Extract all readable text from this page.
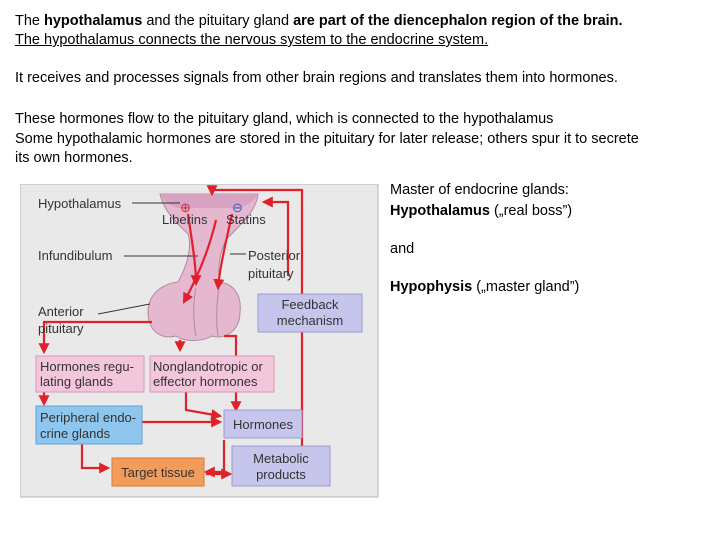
The hypothalamus and the pituitary gland are part of the diencephalon region of the brain.

The hypothalamus connects the nervous system to the endocrine system.

It receives and processes signals from other brain regions and translates them into hormones.

These hormones flow to the pituitary gland, which is connected to the hypothalamus

Some hypothalamic hormones are stored in the pituitary for later release; others spur it to secrete

its own hormones.

⊕	⊖
Hypothalamus
Liberins Statins
Infundibulum	Posterior
pituitary
Anterior
pituitary
Feedback
mechanism
Hormones regu-
lating glands
Nonglandotropic or
effector hormones
Peripheral endo-
crine glands
Hormones
Target tissue
Metabolic
products
Master of endocrine glands:
Hypothalamus („real boss”)
and
Hypophysis („master gland”)
